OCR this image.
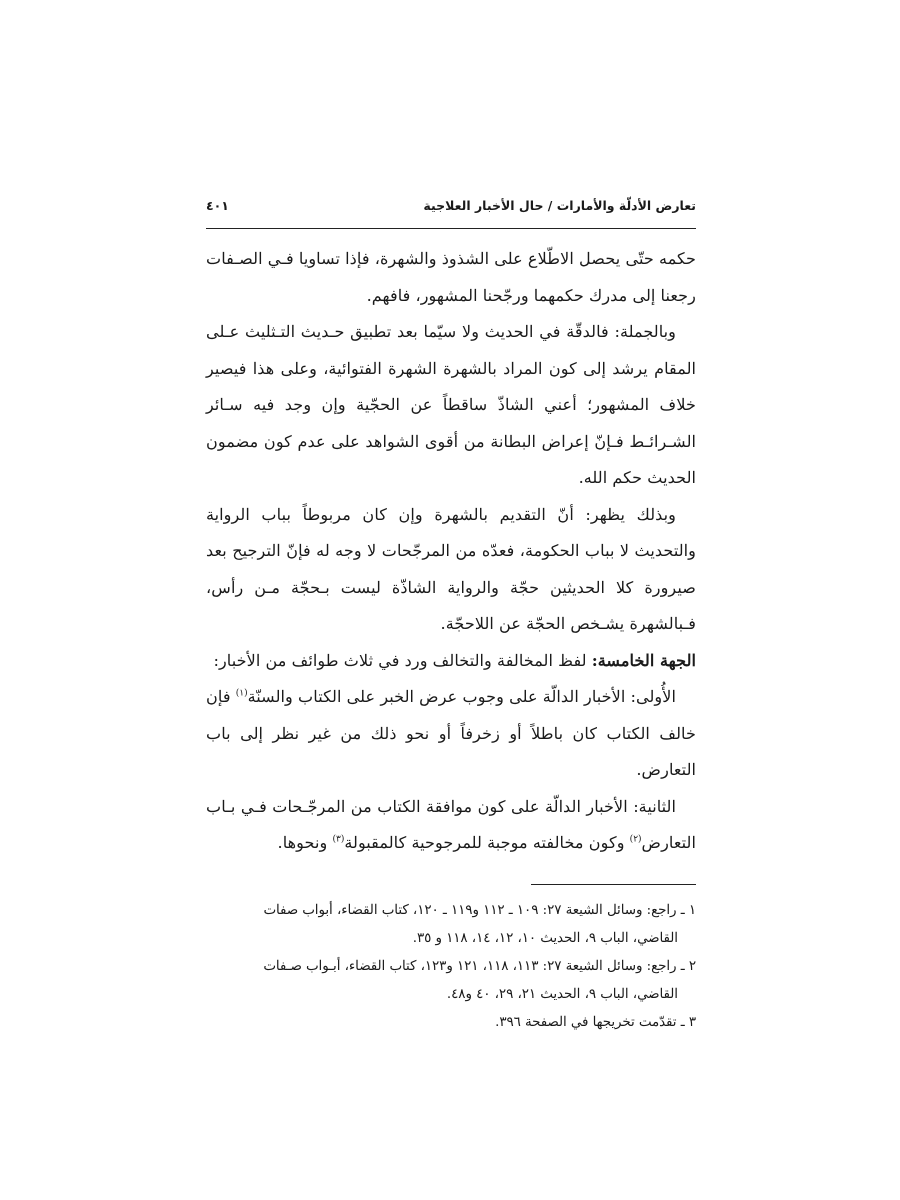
تعارض الأدلّة والأمارات / حال الأخبار العلاجية
٤٠١

حكمه حتّى يحصل الاطّلاع على الشذوذ والشهرة، فإذا تساويا فـي الصـفات رجعنا إلى مدرك حكمهما ورجّحنا المشهور، فافهم.

وبالجملة: فالدقّة في الحديث ولا سيّما بعد تطبيق حـديث التـثليث عـلى المقام يرشد إلى كون المراد بالشهرة الشهرة الفتوائية، وعلى هذا فيصير خلاف المشهور؛ أعني الشاذّ ساقطاً عن الحجّية وإن وجد فيه سـائر الشـرائـط فـإنّ إعراض البطانة من أقوى الشواهد على عدم كون مضمون الحديث حكم الله.

وبذلك يظهر: أنّ التقديم بالشهرة وإن كان مربوطاً بباب الرواية والتحديث لا بباب الحكومة، فعدّه من المرجّحات لا وجه له فإنّ الترجيح بعد صيرورة كلا الحديثين حجّة والرواية الشاذّة ليست بـحجّة مـن رأس، فـبالشهرة يشـخص الحجّة عن اللاحجّة.

الجهة الخامسة: لفظ المخالفة والتخالف ورد في ثلاث طوائف من الأخبار:

الأُولى: الأخبار الدالّة على وجوب عرض الخبر على الكتاب والسنّة$^{(١)}$ فإن خالف الكتاب كان باطلاً أو زخرفاً أو نحو ذلك من غير نظر إلى باب التعارض.

الثانية: الأخبار الدالّة على كون موافقة الكتاب من المرجّـحات فـي بـاب التعارض$^{(٢)}$ وكون مخالفته موجبة للمرجوحية كالمقبولة$^{(٣)}$ ونحوها.

١ ـ راجع: وسائل الشيعة ٢٧: ١٠٩ ـ ١١٢ و١١٩ ـ ١٢٠، كتاب القضاء، أبواب صفات
القاضي، الباب ٩، الحديث ١٠، ١٢، ١٤، ١١٨ و ٣٥.
٢ ـ راجع: وسائل الشيعة ٢٧: ١١٣، ١١٨، ١٢١ و١٢٣، كتاب القضاء، أبـواب صـفات
القاضي، الباب ٩، الحديث ٢١، ٢٩، ٤٠ و٤٨.
٣ ـ تقدّمت تخريجها في الصفحة ٣٩٦.
